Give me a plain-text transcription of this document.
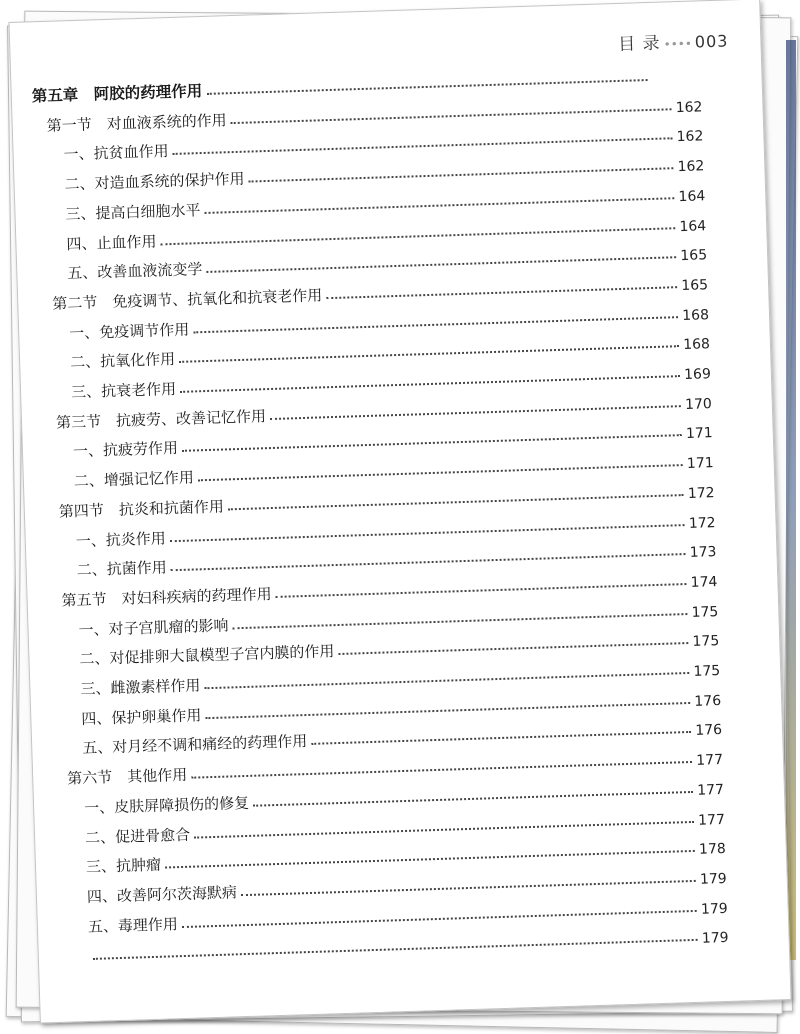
目 录 •••• 003
第五章　阿胶的药理作用
第一节　对血液系统的作用
162
一、抗贫血作用
162
二、对造血系统的保护作用
162
三、提高白细胞水平
164
四、止血作用
164
五、改善血液流变学
165
第二节　免疫调节、抗氧化和抗衰老作用
165
一、免疫调节作用
168
二、抗氧化作用
168
三、抗衰老作用
169
第三节　抗疲劳、改善记忆作用
170
一、抗疲劳作用
171
二、增强记忆作用
171
第四节　抗炎和抗菌作用
172
一、抗炎作用
172
二、抗菌作用
173
第五节　对妇科疾病的药理作用
174
一、对子宫肌瘤的影响
175
二、对促排卵大鼠模型子宫内膜的作用
175
三、雌激素样作用
175
四、保护卵巢作用
176
五、对月经不调和痛经的药理作用
176
第六节　其他作用
177
一、皮肤屏障损伤的修复
177
二、促进骨愈合
177
三、抗肿瘤
178
四、改善阿尔茨海默病
179
五、毒理作用
179
179
